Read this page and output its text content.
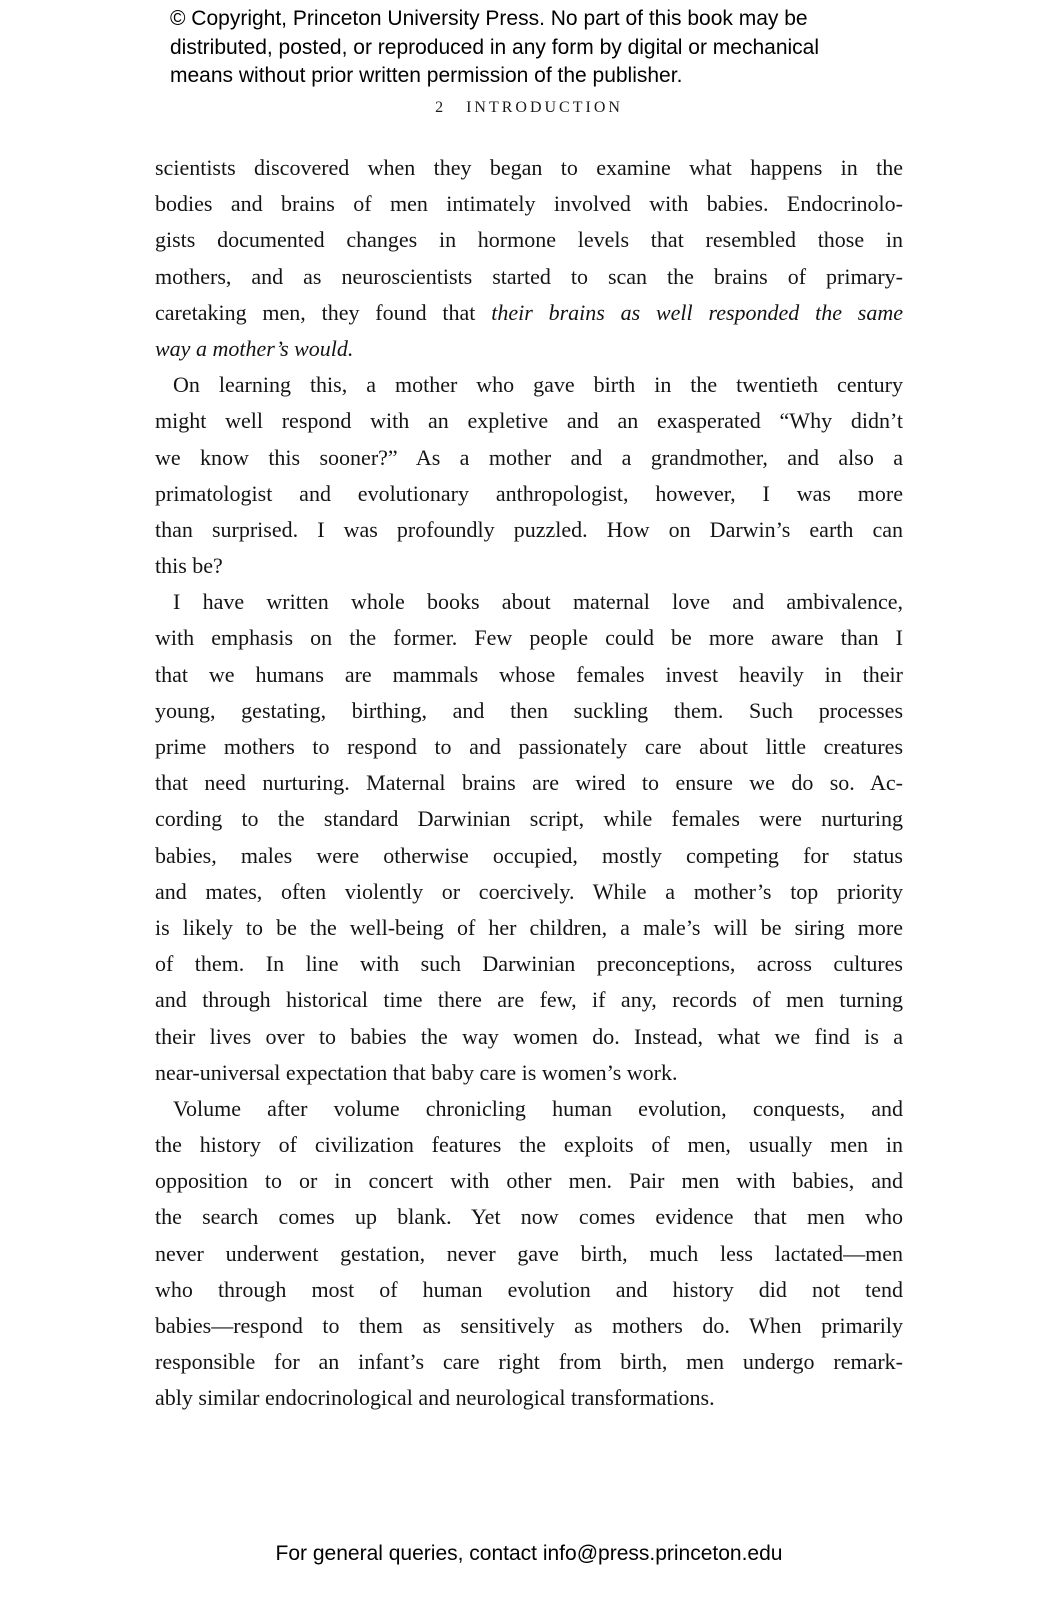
© Copyright, Princeton University Press. No part of this book may be
distributed, posted, or reproduced in any form by digital or mechanical
means without prior written permission of the publisher.
2 INTRODUCTION
scientists discovered when they began to examine what happens in the
bodies and brains of men intimately involved with babies. Endocrinolo-
gists documented changes in hormone levels that resembled those in
mothers, and as neuroscientists started to scan the brains of primary-
caretaking men, they found that their brains as well responded the same
way a mother’s would.
On learning this, a mother who gave birth in the twentieth century
might well respond with an expletive and an exasperated “Why didn’t
we know this sooner?” As a mother and a grandmother, and also a
primatologist and evolutionary anthropologist, however, I was more
than surprised. I was profoundly puzzled. How on Darwin’s earth can
this be?
I have written whole books about maternal love and ambivalence,
with emphasis on the former. Few people could be more aware than I
that we humans are mammals whose females invest heavily in their
young, gestating, birthing, and then suckling them. Such processes
prime mothers to respond to and passionately care about little creatures
that need nurturing. Maternal brains are wired to ensure we do so. Ac-
cording to the standard Darwinian script, while females were nurturing
babies, males were otherwise occupied, mostly competing for status
and mates, often violently or coercively. While a mother’s top priority
is likely to be the well-being of her children, a male’s will be siring more
of them. In line with such Darwinian preconceptions, across cultures
and through historical time there are few, if any, records of men turning
their lives over to babies the way women do. Instead, what we find is a
near-universal expectation that baby care is women’s work.
Volume after volume chronicling human evolution, conquests, and
the history of civilization features the exploits of men, usually men in
opposition to or in concert with other men. Pair men with babies, and
the search comes up blank. Yet now comes evidence that men who
never underwent gestation, never gave birth, much less lactated—men
who through most of human evolution and history did not tend
babies—respond to them as sensitively as mothers do. When primarily
responsible for an infant’s care right from birth, men undergo remark-
ably similar endocrinological and neurological transformations.
For general queries, contact info@press.princeton.edu
